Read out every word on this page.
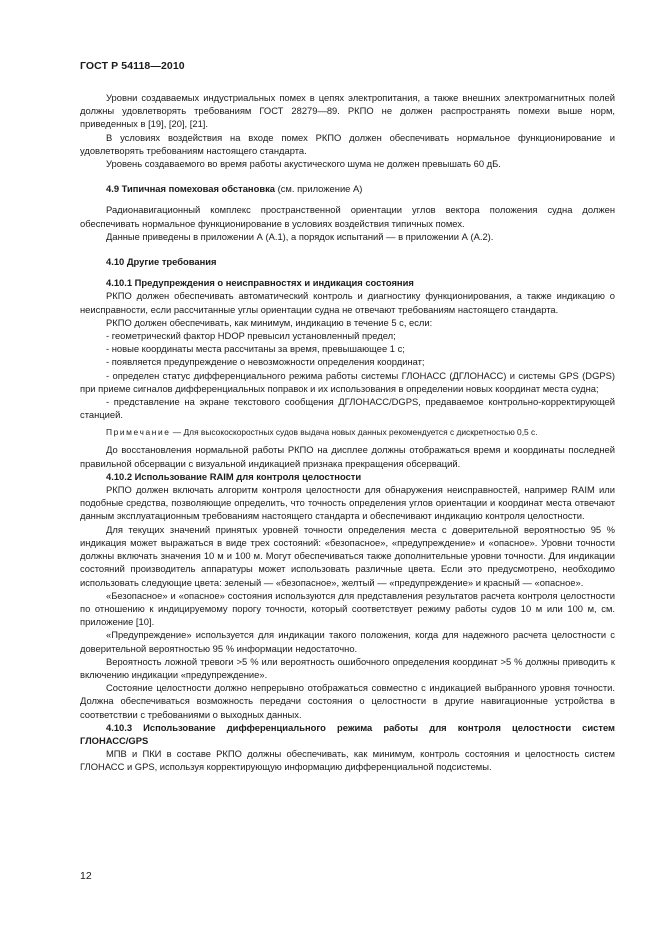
ГОСТ Р 54118—2010

Уровни создаваемых индустриальных помех в цепях электропитания, а также внешних электромагнитных полей должны удовлетворять требованиям ГОСТ 28279—89. РКПО не должен распространять помехи выше норм, приведенных в [19], [20], [21].

В условиях воздействия на входе помех РКПО должен обеспечивать нормальное функционирование и удовлетворять требованиям настоящего стандарта.

Уровень создаваемого во время работы акустического шума не должен превышать 60 дБ.

4.9 Типичная помеховая обстановка (см. приложение А)

Радионавигационный комплекс пространственной ориентации углов вектора положения судна должен обеспечивать нормальное функционирование в условиях воздействия типичных помех.

Данные приведены в приложении А (А.1), а порядок испытаний — в приложении А (А.2).

4.10 Другие требования

4.10.1 Предупреждения о неисправностях и индикация состояния

РКПО должен обеспечивать автоматический контроль и диагностику функционирования, а также индикацию о неисправности, если рассчитанные углы ориентации судна не отвечают требованиям настоящего стандарта.

РКПО должен обеспечивать, как минимум, индикацию в течение 5 с, если:

- геометрический фактор HDOP превысил установленный предел;

- новые координаты места рассчитаны за время, превышающее 1 с;

- появляется предупреждение о невозможности определения координат;

- определен статус дифференциального режима работы системы ГЛОНАСС (ДГЛОНАСС) и системы GPS (DGPS) при приеме сигналов дифференциальных поправок и их использования в определении новых координат места судна;

- представление на экране текстового сообщения ДГЛОНАСС/DGPS, предаваемое контрольно-корректирующей станцией.

Примечание — Для высокоскоростных судов выдача новых данных рекомендуется с дискретностью 0,5 с.

До восстановления нормальной работы РКПО на дисплее должны отображаться время и координаты последней правильной обсервации с визуальной индикацией признака прекращения обсерваций.

4.10.2 Использование RAIM для контроля целостности

РКПО должен включать алгоритм контроля целостности для обнаружения неисправностей, например RAIM или подобные средства, позволяющие определить, что точность определения углов ориентации и координат места отвечают данным эксплуатационным требованиям настоящего стандарта и обеспечивают индикацию контроля целостности.

Для текущих значений принятых уровней точности определения места с доверительной вероятностью 95 % индикация может выражаться в виде трех состояний: «безопасное», «предупреждение» и «опасное». Уровни точности должны включать значения 10 м и 100 м. Могут обеспечиваться также дополнительные уровни точности. Для индикации состояний производитель аппаратуры может использовать различные цвета. Если это предусмотрено, необходимо использовать следующие цвета: зеленый — «безопасное», желтый — «предупреждение» и красный — «опасное».

«Безопасное» и «опасное» состояния используются для представления результатов расчета контроля целостности по отношению к индицируемому порогу точности, который соответствует режиму работы судов 10 м или 100 м, см. приложение [10].

«Предупреждение» используется для индикации такого положения, когда для надежного расчета целостности с доверительной вероятностью 95 % информации недостаточно.

Вероятность ложной тревоги >5 % или вероятность ошибочного определения координат >5 % должны приводить к включению индикации «предупреждение».

Состояние целостности должно непрерывно отображаться совместно с индикацией выбранного уровня точности. Должна обеспечиваться возможность передачи состояния о целостности в другие навигационные устройства в соответствии с требованиями о выходных данных.

4.10.3 Использование дифференциального режима работы для контроля целостности систем ГЛОНАСС/GPS

МПВ и ПКИ в составе РКПО должны обеспечивать, как минимум, контроль состояния и целостность систем ГЛОНАСС и GPS, используя корректирующую информацию дифференциальной подсистемы.

12
